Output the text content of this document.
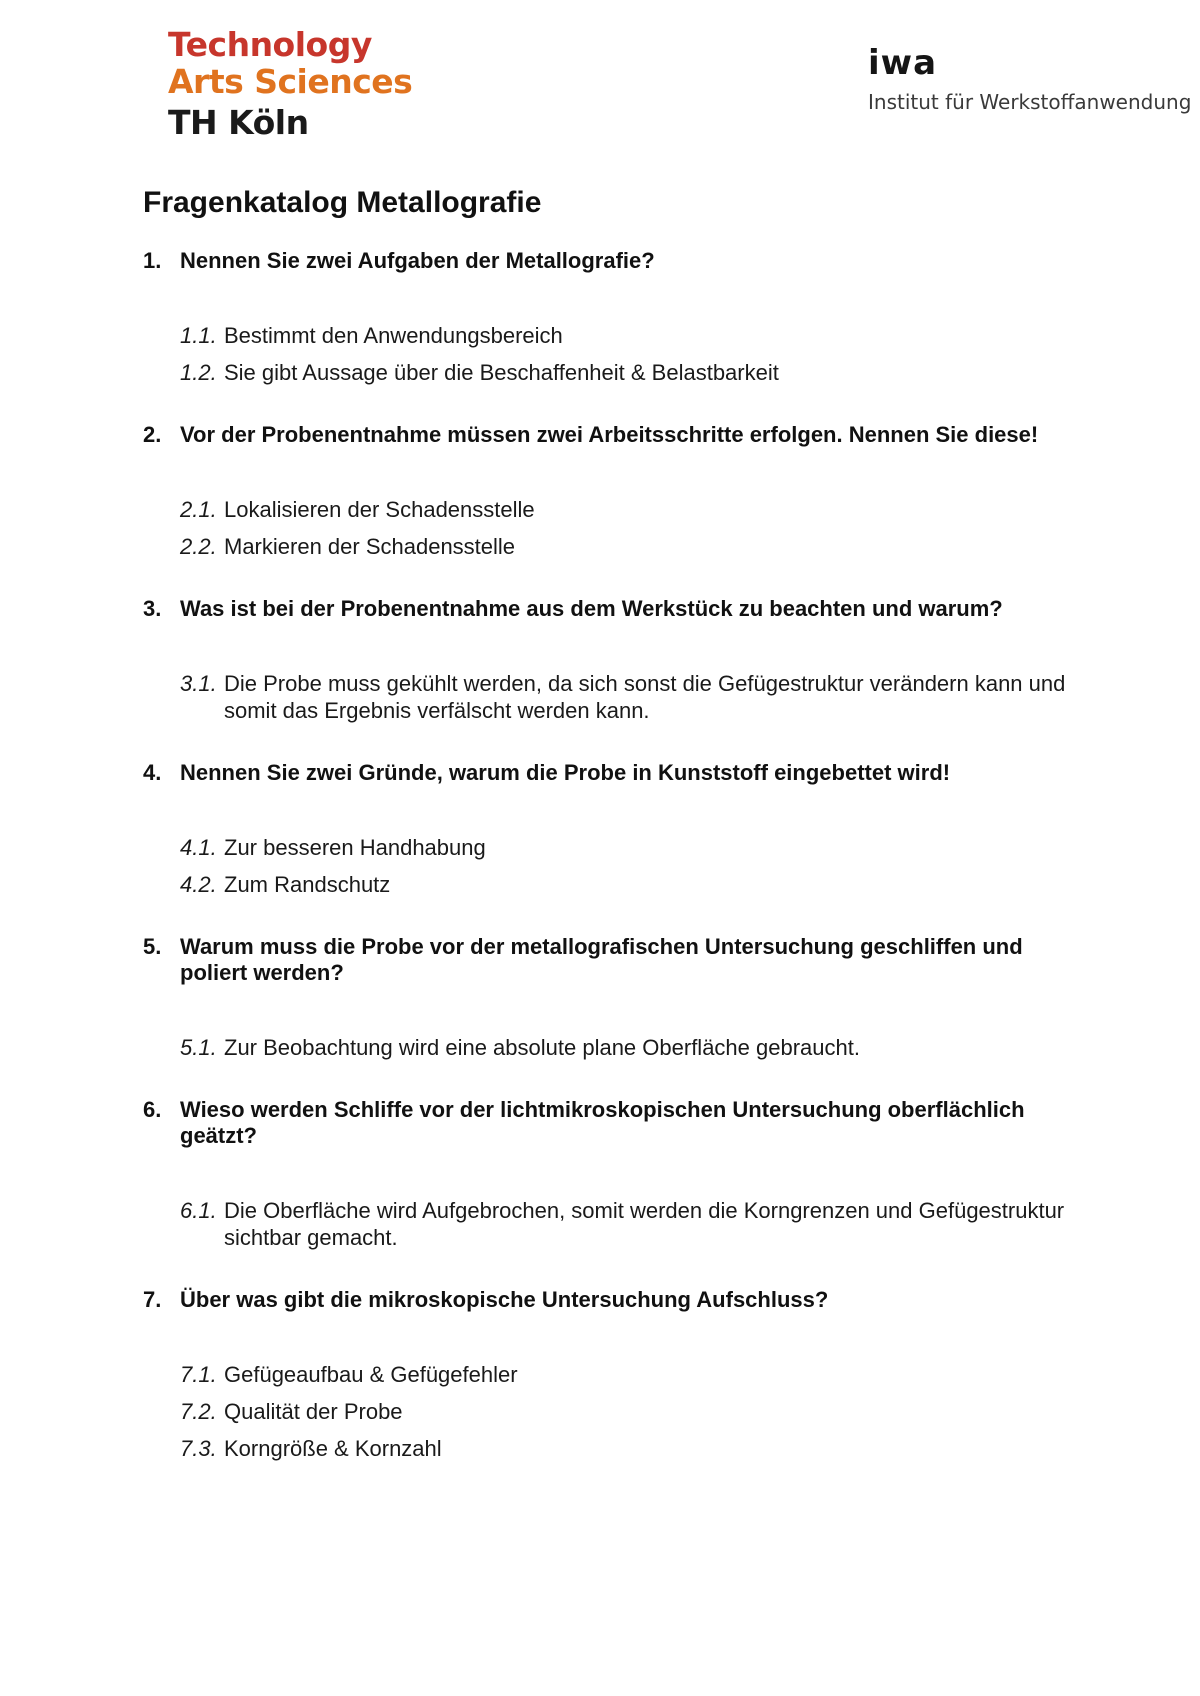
Technology
Arts Sciences
TH Köln
iwa
Institut für Werkstoffanwendung
Fragenkatalog Metallografie
1. Nennen Sie zwei Aufgaben der Metallografie?
1.1. Bestimmt den Anwendungsbereich
1.2. Sie gibt Aussage über die Beschaffenheit & Belastbarkeit
2. Vor der Probenentnahme müssen zwei Arbeitsschritte erfolgen. Nennen Sie diese!
2.1. Lokalisieren der Schadensstelle
2.2. Markieren der Schadensstelle
3. Was ist bei der Probenentnahme aus dem Werkstück zu beachten und warum?
3.1. Die Probe muss gekühlt werden, da sich sonst die Gefügestruktur verändern kann und somit das Ergebnis verfälscht werden kann.
4. Nennen Sie zwei Gründe, warum die Probe in Kunststoff eingebettet wird!
4.1. Zur besseren Handhabung
4.2. Zum Randschutz
5. Warum muss die Probe vor der metallografischen Untersuchung geschliffen und poliert werden?
5.1. Zur Beobachtung wird eine absolute plane Oberfläche gebraucht.
6. Wieso werden Schliffe vor der lichtmikroskopischen Untersuchung oberflächlich geätzt?
6.1. Die Oberfläche wird Aufgebrochen, somit werden die Korngrenzen und Gefügestruktur sichtbar gemacht.
7. Über was gibt die mikroskopische Untersuchung Aufschluss?
7.1. Gefügeaufbau & Gefügefehler
7.2. Qualität der Probe
7.3. Korngröße & Kornzahl
